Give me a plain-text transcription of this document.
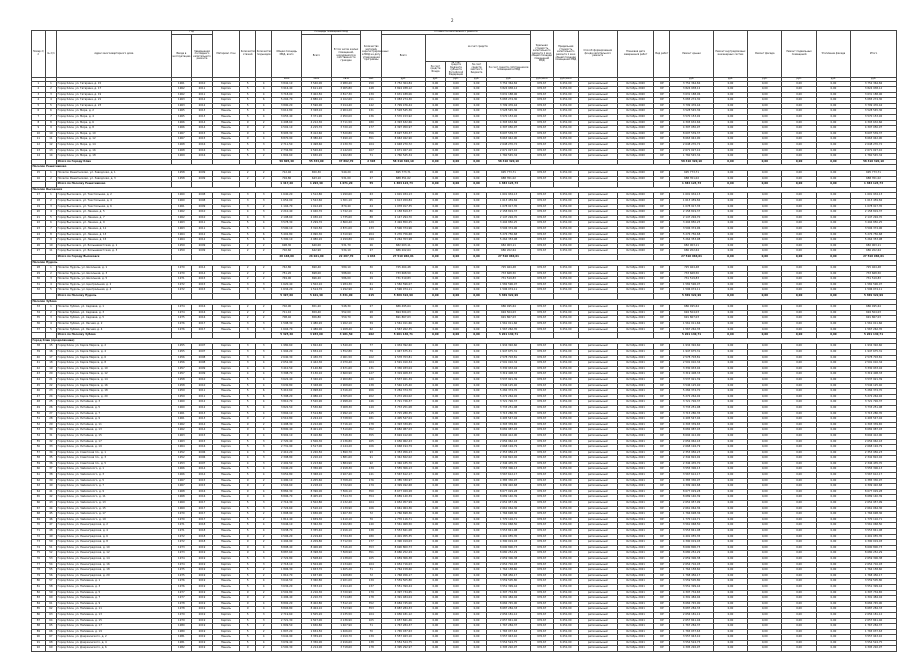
2
Номер п/п	№ п/п	Адрес многоквартирного дома	Год		Материал стен	Количество этажей	Количество подъездов	Общая площадь МКД, всего	Площадь помещений МКД		Количество жителей, зарегистрированных в МКД на дату утверждения программы	Стоимость капитального ремонта					Удельная стоимость капитального ремонта 1 кв.м общей площади помещений МКД	Предельная стоимость капитального ремонта 1 кв.м общей площади помещений МКД	Способ формирования фонда капитального ремонта	Плановая дата завершения работ	Вид работ	Ремонт крыши	Ремонт внутридомовых инженерных систем	Ремонт фасада	Ремонт подвальных помещений	Утепление фасада	Итого
			Ввода в эксплуатацию	Завершения последнего капитального ремонта					Всего	В том числе жилых помещений, находящихся в собственности граждан		Всего	за счет средств														
													За счет средств Фонда	За счет средств бюджета субъекта Российской Федерации	За счет средств местного бюджета	За счет средств собственников помещений в МКД											
								кв.м	кв.м	кв.м	чел.	руб.	руб.	руб.	руб.	руб.	руб./кв.м	руб./кв.м				руб.	руб.	руб.	руб.	руб.	руб.
1	1	Город Клин, ул. Гагарина, д. 15	1961	2010	Кирпич	5	4	3 842,10	3 540,00	2 980,40	150	3 752 364,84	0,00	0,00	0,00	3 752 364,84	976,67	6 451,00	региональный	Октябрь 2020	КР	3 752 364,84	0,00	0,00	0,00	0,00	3 752 364,84
2	2	Город Клин, ул. Гагарина, д. 17	1962	2011	Кирпич	5	4	3 916,40	3 611,20	3 005,80	148	3 824 938,12	0,00	0,00	0,00	3 824 938,12	976,67	6 451,00	региональный	Октябрь 2020	КР	3 824 938,12	0,00	0,00	0,00	0,00	3 824 938,12
3	3	Город Клин, ул. Гагарина, д. 19	1962	2011	Кирпич	5	4	3 718,00	3 402,50	2 817,30	139	3 631 188,06	0,00	0,00	0,00	3 631 188,06	976,67	6 451,00	региональный	Октябрь 2020	КР	3 631 188,06	0,00	0,00	0,00	0,00	3 631 188,06
4	4	Город Клин, ул. Гагарина, д. 21	1963	2012	Кирпич	5	6	5 204,70	4 880,10	4 102,60	211	5 083 274,30	0,00	0,00	0,00	5 083 274,30	976,67	6 451,00	региональный	Октябрь 2020	КР	5 083 274,30	0,00	0,00	0,00	0,00	5 083 274,30
5	5	Город Клин, ул. Гагарина, д. 23	1963	2012	Кирпич	5	4	3 890,20	3 590,00	3 014,40	142	3 799 476,44	0,00	0,00	0,00	3 799 476,44	976,67	6 451,00	региональный	Октябрь 2020	КР	3 799 476,44	0,00	0,00	0,00	0,00	3 799 476,44
6	6	Город Клин, ул. Мира, д. 2	1965	2013	Панель	5	4	3 612,80	3 328,10	2 904,20	131	3 528 545,36	0,00	0,00	0,00	3 528 545,36	976,67	6 451,00	региональный	Октябрь 2020	КР	3 528 545,36	0,00	0,00	0,00	0,00	3 528 545,36
7	7	Город Клин, ул. Мира, д. 4	1965	2013	Панель	5	4	3 655,40	3 371,90	2 950,00	136	3 570 153,92	0,00	0,00	0,00	3 570 153,92	976,67	6 451,00	региональный	Октябрь 2020	КР	3 570 153,92	0,00	0,00	0,00	0,00	3 570 153,92
8	8	Город Клин, ул. Мира, д. 6	1966	2014	Панель	9	2	4 498,60	4 212,30	3 711,50	180	4 393 632,66	0,00	0,00	0,00	4 393 632,66	976,67	6 451,00	региональный	Октябрь 2020	КР	4 393 632,66	0,00	0,00	0,00	0,00	4 393 632,66
9	9	Город Клин, ул. Мира, д. 8	1966	2014	Панель	9	2	4 502,10	4 215,70	3 720,10	177	4 397 050,97	0,00	0,00	0,00	4 397 050,97	976,67	6 451,00	региональный	Октябрь 2020	КР	4 397 050,97	0,00	0,00	0,00	0,00	4 397 050,97
10	10	Город Клин, ул. Мира, д. 10	1967	2015	Панель	9	4	8 905,30	8 412,60	7 520,80	356	8 697 539,37	0,00	0,00	0,00	8 697 539,37	976,67	6 451,00	региональный	Октябрь 2020	КР	8 697 539,37	0,00	0,00	0,00	0,00	8 697 539,37
11	11	Город Клин, ул. Мира, д. 12	1967	2015	Панель	9	4	8 870,90	8 380,40	7 490,10	351	8 663 942,90	0,00	0,00	0,00	8 663 942,90	976,67	6 451,00	региональный	Октябрь 2020	КР	8 663 942,90	0,00	0,00	0,00	0,00	8 663 942,90
12	12	Город Клин, ул. Мира, д. 14	1968	2016	Кирпич	5	3	2 711,50	2 498,60	2 130,70	104	2 648 270,72	0,00	0,00	0,00	2 648 270,72	976,67	6 451,00	региональный	Октябрь 2020	КР	2 648 270,72	0,00	0,00	0,00	0,00	2 648 270,72
13	13	Город Клин, ул. Мира, д. 16	1968	2016	Кирпич	5	3	2 734,80	2 520,40	2 142,00	107	2 671 027,10	0,00	0,00	0,00	2 671 027,10	976,67	6 451,00	региональный	Октябрь 2020	КР	2 671 027,10	0,00	0,00	0,00	0,00	2 671 027,10
14	14	Город Клин, ул. Мира, д. 18	1969	2016	Кирпич	5	2	1 802,60	1 650,20	1 402,80	71	1 760 545,34	0,00	0,00	0,00	1 760 545,34	976,67	6 451,00	региональный	Октябрь 2020	КР	1 760 545,34	0,00	0,00	0,00	0,00	1 760 545,34
		Итого по Городу Клин						59 805,40	55 334,00	47 892,70	2 303	58 410 320,10	0,00	0,00	0,00	58 410 320,10						58 410 320,10	0,00	0,00	0,00	0,00	58 410 320,10
Поселок Решетниково																											
15	1	Поселок Решетниково, ул. Заводская, д. 1	1958	2009	Кирпич	2	2	712,40	650,30	540,20	28	695 773,71	0,00	0,00	0,00	695 773,71	976,67	6 451,00	региональный	Октябрь 2020	КР	695 773,71	0,00	0,00	0,00	0,00	695 773,71
16	2	Поселок Решетниково, ул. Заводская, д. 3	1958	2009	Кирпич	2	2	704,80	643,10	531,00	27	688 351,02	0,00	0,00	0,00	688 351,02	976,67	6 451,00	региональный	Октябрь 2020	КР	688 351,02	0,00	0,00	0,00	0,00	688 351,02
		Итого по Поселку Решетниково						1 417,20	1 293,40	1 071,20	55	1 384 124,73	0,00	0,00	0,00	1 384 124,73						1 384 124,73	0,00	0,00	0,00	0,00	1 384 124,73
Поселок Высоковск																											
17	1	Город Высоковск, ул. Текстильная, д. 2	1960	2008	Кирпич	3	3	1 640,20	1 512,80	1 290,60	63	1 601 934,13	0,00	0,00	0,00	1 601 934,13	976,67	6 451,00	региональный	Октябрь 2020	КР	1 601 934,13	0,00	0,00	0,00	0,00	1 601 934,13
18	2	Город Высоковск, ул. Текстильная, д. 4	1960	2008	Кирпич	3	3	1 652,00	1 522,60	1 301,10	65	1 613 459,84	0,00	0,00	0,00	1 613 459,84	976,67	6 451,00	региональный	Октябрь 2020	КР	1 613 459,84	0,00	0,00	0,00	0,00	1 613 459,84
19	3	Город Высоковск, ул. Текстильная, д. 6	1961	2009	Кирпич	3	2	1 104,70	1 012,20	870,40	44	1 078 917,35	0,00	0,00	0,00	1 078 917,35	976,67	6 451,00	региональный	Октябрь 2020	КР	1 078 917,35	0,00	0,00	0,00	0,00	1 078 917,35
20	4	Город Высоковск, ул. Ленина, д. 5	1962	2010	Кирпич	4	3	2 210,40	2 040,70	1 742,10	86	2 158 819,37	0,00	0,00	0,00	2 158 819,37	976,67	6 451,00	региональный	Октябрь 2020	КР	2 158 819,37	0,00	0,00	0,00	0,00	2 158 819,37
21	5	Город Высоковск, ул. Ленина, д. 7	1962	2010	Кирпич	4	3	2 198,60	2 030,10	1 735,60	88	2 147 294,70	0,00	0,00	0,00	2 147 294,70	976,67	6 451,00	региональный	Октябрь 2020	КР	2 147 294,70	0,00	0,00	0,00	0,00	2 147 294,70
22	6	Город Высоковск, ул. Ленина, д. 9	1963	2011	Панель	5	4	3 578,30	3 299,70	2 860,40	129	3 494 850,25	0,00	0,00	0,00	3 494 850,25	976,67	6 451,00	региональный	Октябрь 2020	КР	3 494 850,25	0,00	0,00	0,00	0,00	3 494 850,25
23	7	Город Высоковск, ул. Ленина, д. 11	1963	2011	Панель	5	4	3 590,10	3 310,50	2 871,00	133	3 506 374,96	0,00	0,00	0,00	3 506 374,96	976,67	6 451,00	региональный	Октябрь 2020	КР	3 506 374,96	0,00	0,00	0,00	0,00	3 506 374,96
24	8	Город Высоковск, ул. Ленина, д. 13	1964	2012	Панель	5	6	5 402,80	4 990,30	4 310,90	204	5 276 756,68	0,00	0,00	0,00	5 276 756,68	976,67	6 451,00	региональный	Октябрь 2020	КР	5 276 756,68	0,00	0,00	0,00	0,00	5 276 756,68
25	9	Город Высоковск, ул. Ленина, д. 15	1964	2012	Панель	5	6	5 390,10	4 980,20	4 299,80	199	5 264 353,98	0,00	0,00	0,00	5 264 353,98	976,67	6 451,00	региональный	Октябрь 2020	КР	5 264 353,98	0,00	0,00	0,00	0,00	5 264 353,98
26	10	Город Высоковск, ул. Большевистская, д. 1	1959	2009	Кирпич	2	2	698,30	640,00	531,70	26	682 003,11	0,00	0,00	0,00	682 003,11	976,67	6 451,00	региональный	Октябрь 2020	КР	682 003,11	0,00	0,00	0,00	0,00	682 003,11
27	11	Город Высоковск, ул. Большевистская, д. 3	1959	2009	Кирпич	2	2	702,60	642,90	534,10	27	686 202,64	0,00	0,00	0,00	686 202,64	976,67	6 451,00	региональный	Октябрь 2020	КР	686 202,64	0,00	0,00	0,00	0,00	686 202,64
		Итого по Городу Высоковск						28 168,00	26 021,00	22 287,70	1 044	27 510 966,01	0,00	0,00	0,00	27 510 966,01						27 510 966,01	0,00	0,00	0,00	0,00	27 510 966,01
Поселок Нудоль																											
28	1	Поселок Нудоль, ул. Школьная, д. 1	1970	2014	Кирпич	2	2	742,80	690,40	580,10	30	725 464,48	0,00	0,00	0,00	725 464,48	976,67	6 451,00	региональный	Октябрь 2021	КР	725 464,48	0,00	0,00	0,00	0,00	725 464,48
29	2	Поселок Нудоль, ул. Школьная, д. 3	1970	2014	Кирпич	2	2	751,20	698,00	588,60	31	733 668,50	0,00	0,00	0,00	733 668,50	976,67	6 451,00	региональный	Октябрь 2021	КР	733 668,50	0,00	0,00	0,00	0,00	733 668,50
30	3	Поселок Нудоль, ул. Школьная, д. 5	1971	2015	Кирпич	2	2	749,00	696,20	586,00	29	731 519,83	0,00	0,00	0,00	731 519,83	976,67	6 451,00	региональный	Октябрь 2021	КР	731 519,83	0,00	0,00	0,00	0,00	731 519,83
31	4	Поселок Нудоль, ул. Центральная, д. 2	1972	2015	Панель	3	3	1 620,40	1 502,10	1 284,30	61	1 582 596,07	0,00	0,00	0,00	1 582 596,07	976,67	6 451,00	региональный	Октябрь 2021	КР	1 582 596,07	0,00	0,00	0,00	0,00	1 582 596,07
32	5	Поселок Нудоль, ул. Центральная, д. 4	1972	2015	Панель	3	3	1 634,20	1 514,70	1 292,90	64	1 596 074,11	0,00	0,00	0,00	1 596 074,11	976,67	6 451,00	региональный	Октябрь 2021	КР	1 596 074,11	0,00	0,00	0,00	0,00	1 596 074,11
		Итого по Поселку Нудоль						5 497,60	5 101,40	4 331,90	215	5 369 322,99	0,00	0,00	0,00	5 369 322,99						5 369 322,99	0,00	0,00	0,00	0,00	5 369 322,99
Поселок Зубово																											
33	1	Поселок Зубово, ул. Садовая, д. 1	1974	2016	Кирпич	2	2	702,90	651,20	548,30	27	686 495,64	0,00	0,00	0,00	686 495,64	976,67	6 451,00	региональный	Октябрь 2021	КР	686 495,64	0,00	0,00	0,00	0,00	686 495,64
34	2	Поселок Зубово, ул. Садовая, д. 3	1974	2016	Кирпич	2	2	711,10	659,40	552,00	28	694 504,03	0,00	0,00	0,00	694 504,03	976,67	6 451,00	региональный	Октябрь 2021	КР	694 504,03	0,00	0,00	0,00	0,00	694 504,03
35	3	Поселок Зубово, ул. Садовая, д. 5	1975	2016	Кирпич	2	2	708,40	656,80	550,70	26	691 867,03	0,00	0,00	0,00	691 867,03	976,67	6 451,00	региональный	Октябрь 2021	КР	691 867,03	0,00	0,00	0,00	0,00	691 867,03
36	4	Поселок Зубово, ул. Лесная, д. 2	1976	2017	Панель	3	3	1 598,30	1 480,20	1 262,10	59	1 561 011,66	0,00	0,00	0,00	1 561 011,66	976,67	6 451,00	региональный	Октябрь 2021	КР	1 561 011,66	0,00	0,00	0,00	0,00	1 561 011,66
37	5	Поселок Зубово, ул. Лесная, д. 4	1976	2017	Панель	3	3	1 604,70	1 486,00	1 268,40	62	1 567 262,35	0,00	0,00	0,00	1 567 262,35	976,67	6 451,00	региональный	Октябрь 2021	КР	1 567 262,35	0,00	0,00	0,00	0,00	1 567 262,35
		Итого по Поселку Зубово						5 325,40	4 933,60	4 181,50	202	5 201 140,71	0,00	0,00	0,00	5 201 140,71						5 201 140,71	0,00	0,00	0,00	0,00	5 201 140,71
Город Клин (продолжение)																											
38	15	Город Клин, ул. Карла Маркса, д. 2	1955	2007	Кирпич	3	3	1 980,60	1 822,40	1 540,20	77	1 934 392,60	0,00	0,00	0,00	1 934 392,60	976,67	6 451,00	региональный	Октябрь 2021	КР	1 934 392,60	0,00	0,00	0,00	0,00	1 934 392,60
39	16	Город Клин, ул. Карла Маркса, д. 4	1955	2007	Кирпич	3	3	1 994,20	1 834,10	1 552,80	79	1 947 675,31	0,00	0,00	0,00	1 947 675,31	976,67	6 451,00	региональный	Октябрь 2021	КР	1 947 675,31	0,00	0,00	0,00	0,00	1 947 675,31
40	17	Город Клин, ул. Карла Маркса, д. 6	1956	2008	Кирпич	3	4	2 640,30	2 430,70	2 061,50	102	2 578 703,81	0,00	0,00	0,00	2 578 703,81	976,67	6 451,00	региональный	Октябрь 2021	КР	2 578 703,81	0,00	0,00	0,00	0,00	2 578 703,81
41	18	Город Клин, ул. Карла Маркса, д. 8	1956	2008	Кирпич	3	4	2 652,90	2 442,30	2 070,40	104	2 591 010,34	0,00	0,00	0,00	2 591 010,34	976,67	6 451,00	региональный	Октябрь 2021	КР	2 591 010,34	0,00	0,00	0,00	0,00	2 591 010,34
42	19	Город Клин, ул. Карла Маркса, д. 10	1957	2009	Кирпич	4	4	3 410,50	3 140,80	2 671,60	131	3 330 933,04	0,00	0,00	0,00	3 330 933,04	976,67	6 451,00	региональный	Октябрь 2021	КР	3 330 933,04	0,00	0,00	0,00	0,00	3 330 933,04
43	20	Город Клин, ул. Карла Маркса, д. 12	1957	2009	Кирпич	4	4	3 398,70	3 130,10	2 660,90	127	3 319 408,33	0,00	0,00	0,00	3 319 408,33	976,67	6 451,00	региональный	Октябрь 2021	КР	3 319 408,33	0,00	0,00	0,00	0,00	3 319 408,33
44	21	Город Клин, ул. Карла Маркса, д. 14	1958	2010	Панель	5	4	3 622,40	3 340,20	2 900,80	140	3 537 921,39	0,00	0,00	0,00	3 537 921,39	976,67	6 451,00	региональный	Октябрь 2021	КР	3 537 921,39	0,00	0,00	0,00	0,00	3 537 921,39
45	22	Город Клин, ул. Карла Маркса, д. 16	1958	2010	Панель	5	4	3 630,80	3 348,00	2 908,60	138	3 546 125,40	0,00	0,00	0,00	3 546 125,40	976,67	6 451,00	региональный	Октябрь 2021	КР	3 546 125,40	0,00	0,00	0,00	0,00	3 546 125,40
46	23	Город Клин, ул. Карла Маркса, д. 18	1959	2011	Панель	5	6	5 410,60	4 998,40	4 316,20	206	5 284 374,70	0,00	0,00	0,00	5 284 374,70	976,67	6 451,00	региональный	Октябрь 2021	КР	5 284 374,70	0,00	0,00	0,00	0,00	5 284 374,70
47	24	Город Клин, ул. Карла Маркса, д. 20	1959	2011	Панель	5	6	5 398,20	4 986,10	4 305,00	202	5 272 264,02	0,00	0,00	0,00	5 272 264,02	976,67	6 451,00	региональный	Октябрь 2021	КР	5 272 264,02	0,00	0,00	0,00	0,00	5 272 264,02
48	25	Город Клин, ул. Литейная, д. 3	1960	2012	Кирпич	5	4	3 810,70	3 520,90	2 998,20	146	3 721 726,37	0,00	0,00	0,00	3 721 726,37	976,67	6 451,00	региональный	Октябрь 2021	КР	3 721 726,37	0,00	0,00	0,00	0,00	3 721 726,37
49	26	Город Клин, ул. Литейная, д. 5	1960	2012	Кирпич	5	4	3 822,50	3 530,60	3 008,30	149	3 733 251,08	0,00	0,00	0,00	3 733 251,08	976,67	6 451,00	региональный	Октябрь 2021	КР	3 733 251,08	0,00	0,00	0,00	0,00	3 733 251,08
50	27	Город Клин, ул. Литейная, д. 7	1961	2013	Кирпич	5	4	3 804,10	3 514,80	2 992,10	145	3 715 280,35	0,00	0,00	0,00	3 715 280,35	976,67	6 451,00	региональный	Октябрь 2021	КР	3 715 280,35	0,00	0,00	0,00	0,00	3 715 280,35
51	28	Город Клин, ул. Литейная, д. 9	1961	2013	Панель	9	2	4 510,80	4 224,10	3 728,50	181	4 405 547,04	0,00	0,00	0,00	4 405 547,04	976,67	6 451,00	региональный	Октябрь 2021	КР	4 405 547,04	0,00	0,00	0,00	0,00	4 405 547,04
52	29	Город Клин, ул. Литейная, д. 11	1962	2014	Панель	9	2	4 498,30	4 212,00	3 716,10	178	4 393 339,65	0,00	0,00	0,00	4 393 339,65	976,67	6 451,00	региональный	Октябрь 2021	КР	4 393 339,65	0,00	0,00	0,00	0,00	4 393 339,65
53	30	Город Клин, ул. Литейная, д. 13	1962	2014	Панель	9	4	8 890,40	8 401,20	7 510,60	352	8 682 987,03	0,00	0,00	0,00	8 682 987,03	976,67	6 451,00	региональный	Октябрь 2021	КР	8 682 987,03	0,00	0,00	0,00	0,00	8 682 987,03
54	31	Город Клин, ул. Литейная, д. 15	1963	2015	Панель	9	4	8 902,10	8 410,80	7 518,30	355	8 694 412,00	0,00	0,00	0,00	8 694 412,00	976,67	6 451,00	региональный	Октябрь 2021	КР	8 694 412,00	0,00	0,00	0,00	0,00	8 694 412,00
55	32	Город Клин, ул. Литейная, д. 17	1963	2015	Кирпич	5	3	2 720,40	2 506,30	2 136,80	105	2 656 962,43	0,00	0,00	0,00	2 656 962,43	976,67	6 451,00	региональный	Октябрь 2021	КР	2 656 962,43	0,00	0,00	0,00	0,00	2 656 962,43
56	33	Город Клин, ул. Литейная, д. 19	1964	2016	Кирпич	5	3	2 731,90	2 517,00	2 144,20	106	2 668 194,79	0,00	0,00	0,00	2 668 194,79	976,67	6 451,00	региональный	Октябрь 2021	КР	2 668 194,79	0,00	0,00	0,00	0,00	2 668 194,79
57	34	Город Клин, ул. Советская пл., д. 1	1952	2006	Кирпич	4	3	2 410,20	2 220,50	1 890,70	93	2 353 956,23	0,00	0,00	0,00	2 353 956,23	976,67	6 451,00	региональный	Октябрь 2021	КР	2 353 956,23	0,00	0,00	0,00	0,00	2 353 956,23
58	35	Город Клин, ул. Советская пл., д. 3	1952	2006	Кирпич	4	3	2 398,80	2 210,10	1 881,60	91	2 342 822,02	0,00	0,00	0,00	2 342 822,02	976,67	6 451,00	региональный	Октябрь 2021	КР	2 342 822,02	0,00	0,00	0,00	0,00	2 342 822,02
59	36	Город Клин, ул. Советская пл., д. 5	1953	2007	Кирпич	4	3	2 402,50	2 213,60	1 884,90	92	2 346 435,70	0,00	0,00	0,00	2 346 435,70	976,67	6 451,00	региональный	Октябрь 2021	КР	2 346 435,70	0,00	0,00	0,00	0,00	2 346 435,70
60	37	Город Клин, ул. Чайковского, д. 1	1966	2014	Панель	5	4	3 640,20	3 356,90	2 918,30	139	3 555 306,13	0,00	0,00	0,00	3 555 306,13	976,67	6 451,00	региональный	Октябрь 2021	КР	3 555 306,13	0,00	0,00	0,00	0,00	3 555 306,13
61	38	Город Клин, ул. Чайковского, д. 3	1966	2014	Панель	5	4	3 652,80	3 368,10	2 927,40	141	3 567 612,17	0,00	0,00	0,00	3 567 612,17	976,67	6 451,00	региональный	Октябрь 2021	КР	3 567 612,17	0,00	0,00	0,00	0,00	3 567 612,17
62	39	Город Клин, ул. Чайковского, д. 5	1967	2015	Панель	9	2	4 490,10	4 205,60	3 708,20	176	4 385 330,97	0,00	0,00	0,00	4 385 330,97	976,67	6 451,00	региональный	Октябрь 2021	КР	4 385 330,97	0,00	0,00	0,00	0,00	4 385 330,97
63	40	Город Клин, ул. Чайковского, д. 7	1967	2015	Панель	9	2	4 504,60	4 218,10	3 722,60	179	4 399 492,68	0,00	0,00	0,00	4 399 492,68	976,67	6 451,00	региональный	Октябрь 2021	КР	4 399 492,68	0,00	0,00	0,00	0,00	4 399 492,68
64	41	Город Клин, ул. Чайковского, д. 9	1968	2016	Панель	9	4	8 884,30	8 396,00	7 506,10	350	8 677 029,28	0,00	0,00	0,00	8 677 029,28	976,67	6 451,00	региональный	Октябрь 2021	КР	8 677 029,28	0,00	0,00	0,00	0,00	8 677 029,28
65	42	Город Клин, ул. Чайковского, д. 11	1968	2016	Панель	9	4	8 896,70	8 405,20	7 514,70	354	8 689 140,39	0,00	0,00	0,00	8 689 140,39	976,67	6 451,00	региональный	Октябрь 2021	КР	8 689 140,39	0,00	0,00	0,00	0,00	8 689 140,39
66	43	Город Клин, ул. Чайковского, д. 13	1969	2017	Кирпич	5	3	2 716,30	2 502,80	2 132,40	104	2 652 957,99	0,00	0,00	0,00	2 652 957,99	976,67	6 451,00	региональный	Октябрь 2021	КР	2 652 957,99	0,00	0,00	0,00	0,00	2 652 957,99
67	44	Город Клин, ул. Чайковского, д. 15	1969	2017	Кирпич	5	3	2 724,60	2 510,10	2 139,90	106	2 661 064,36	0,00	0,00	0,00	2 661 064,36	976,67	6 451,00	региональный	Октябрь 2021	КР	2 661 064,36	0,00	0,00	0,00	0,00	2 661 064,36
68	45	Город Клин, ул. Чайковского, д. 17	1970	2017	Кирпич	5	2	1 808,90	1 656,00	1 407,30	72	1 766 698,36	0,00	0,00	0,00	1 766 698,36	976,67	6 451,00	региональный	Октябрь 2021	КР	1 766 698,36	0,00	0,00	0,00	0,00	1 766 698,36
69	46	Город Клин, ул. Чайковского, д. 19	1970	2017	Кирпич	5	2	1 812,40	1 659,30	1 410,10	70	1 770 116,71	0,00	0,00	0,00	1 770 116,71	976,67	6 451,00	региональный	Октябрь 2021	КР	1 770 116,71	0,00	0,00	0,00	0,00	1 770 116,71
70	47	Город Клин, ул. Ленинградская, д. 2	1971	2018	Панель	5	4	3 646,10	3 362,30	2 922,80	140	3 561 068,50	0,00	0,00	0,00	3 561 068,50	976,67	6 451,00	региональный	Октябрь 2021	КР	3 561 068,50	0,00	0,00	0,00	0,00	3 561 068,50
71	48	Город Клин, ул. Ленинградская, д. 4	1971	2018	Панель	5	4	3 638,70	3 355,40	2 916,10	138	3 553 841,08	0,00	0,00	0,00	3 553 841,08	976,67	6 451,00	региональный	Октябрь 2021	КР	3 553 841,08	0,00	0,00	0,00	0,00	3 553 841,08
72	49	Город Клин, ул. Ленинградская, д. 6	1972	2018	Панель	9	2	4 506,20	4 219,40	3 724,30	180	4 401 055,35	0,00	0,00	0,00	4 401 055,35	976,67	6 451,00	региональный	Октябрь 2021	КР	4 401 055,35	0,00	0,00	0,00	0,00	4 401 055,35
73	50	Город Клин, ул. Ленинградская, д. 8	1972	2018	Панель	9	2	4 494,90	4 209,80	3 712,50	177	4 390 019,03	0,00	0,00	0,00	4 390 019,03	976,67	6 451,00	региональный	Октябрь 2021	КР	4 390 019,03	0,00	0,00	0,00	0,00	4 390 019,03
74	51	Город Клин, ул. Ленинградская, д. 10	1973	2019	Панель	9	4	8 898,40	8 406,90	7 516,20	353	8 690 800,73	0,00	0,00	0,00	8 690 800,73	976,67	6 451,00	региональный	Октябрь 2021	КР	8 690 800,73	0,00	0,00	0,00	0,00	8 690 800,73
75	52	Город Клин, ул. Ленинградская, д. 12	1973	2019	Панель	9	4	8 887,60	8 398,30	7 508,90	351	8 680 252,29	0,00	0,00	0,00	8 680 252,29	976,67	6 451,00	региональный	Октябрь 2021	КР	8 680 252,29	0,00	0,00	0,00	0,00	8 680 252,29
76	53	Город Клин, ул. Ленинградская, д. 14	1974	2019	Кирпич	5	3	2 722,80	2 508,40	2 138,00	105	2 659 306,38	0,00	0,00	0,00	2 659 306,38	976,67	6 451,00	региональный	Октябрь 2021	КР	2 659 306,38	0,00	0,00	0,00	0,00	2 659 306,38
77	54	Город Клин, ул. Ленинградская, д. 16	1974	2019	Кирпич	5	3	2 718,10	2 504,00	2 134,60	104	2 654 716,03	0,00	0,00	0,00	2 654 716,03	976,67	6 451,00	региональный	Октябрь 2021	КР	2 654 716,03	0,00	0,00	0,00	0,00	2 654 716,03
78	55	Город Клин, ул. Ленинградская, д. 18	1975	2019	Кирпич	5	2	1 806,30	1 653,70	1 405,20	71	1 764 158,60	0,00	0,00	0,00	1 764 158,60	976,67	6 451,00	региональный	Октябрь 2021	КР	1 764 158,60	0,00	0,00	0,00	0,00	1 764 158,60
79	56	Город Клин, ул. Ленинградская, д. 20	1975	2019	Кирпич	5	2	1 810,70	1 657,90	1 408,80	72	1 768 456,17	0,00	0,00	0,00	1 768 456,17	976,67	6 451,00	региональный	Октябрь 2021	КР	1 768 456,17	0,00	0,00	0,00	0,00	1 768 456,17
80	57	Город Клин, ул. Папивина, д. 1	1976	2019	Панель	5	4	3 644,50	3 360,80	2 921,00	139	3 559 505,80	0,00	0,00	0,00	3 559 505,80	976,67	6 451,00	региональный	Октябрь 2021	КР	3 559 505,80	0,00	0,00	0,00	0,00	3 559 505,80
81	58	Город Клин, ул. Папивина, д. 3	1976	2019	Панель	5	4	3 636,20	3 353,10	2 914,40	137	3 551 399,44	0,00	0,00	0,00	3 551 399,44	976,67	6 451,00	региональный	Октябрь 2021	КР	3 551 399,44	0,00	0,00	0,00	0,00	3 551 399,44
82	59	Город Клин, ул. Папивина, д. 5	1977	2019	Панель	9	2	4 502,80	4 216,30	3 720,90	179	4 397 734,65	0,00	0,00	0,00	4 397 734,65	976,67	6 451,00	региональный	Октябрь 2021	КР	4 397 734,65	0,00	0,00	0,00	0,00	4 397 734,65
83	60	Город Клин, ул. Папивина, д. 7	1977	2019	Панель	9	2	4 496,40	4 210,70	3 714,80	178	4 391 484,04	0,00	0,00	0,00	4 391 484,04	976,67	6 451,00	региональный	Октябрь 2021	КР	4 391 484,04	0,00	0,00	0,00	0,00	4 391 484,04
84	61	Город Клин, ул. Папивина, д. 9	1978	2019	Панель	9	4	8 892,20	8 402,80	7 512,10	352	8 684 745,00	0,00	0,00	0,00	8 684 745,00	976,67	6 451,00	региональный	Октябрь 2021	КР	8 684 745,00	0,00	0,00	0,00	0,00	8 684 745,00
85	62	Город Клин, ул. Папивина, д. 11	1978	2019	Панель	9	4	8 894,80	8 404,10	7 513,90	353	8 687 284,33	0,00	0,00	0,00	8 687 284,33	976,67	6 451,00	региональный	Октябрь 2021	КР	8 687 284,33	0,00	0,00	0,00	0,00	8 687 284,33
86	63	Город Клин, ул. Папивина, д. 13	1979	2019	Кирпич	5	3	2 719,60	2 505,20	2 135,50	104	2 656 181,12	0,00	0,00	0,00	2 656 181,12	976,67	6 451,00	региональный	Октябрь 2021	КР	2 656 181,12	0,00	0,00	0,00	0,00	2 656 181,12
87	64	Город Клин, ул. Папивина, д. 15	1979	2019	Кирпич	5	3	2 721,30	2 507,00	2 136,90	105	2 657 841,46	0,00	0,00	0,00	2 657 841,46	976,67	6 451,00	региональный	Октябрь 2021	КР	2 657 841,46	0,00	0,00	0,00	0,00	2 657 841,46
88	65	Город Клин, ул. Папивина, д. 17	1980	2019	Кирпич	5	2	1 809,50	1 656,80	1 407,90	71	1 767 284,37	0,00	0,00	0,00	1 767 284,37	976,67	6 451,00	региональный	Октябрь 2021	КР	1 767 284,37	0,00	0,00	0,00	0,00	1 767 284,37
89	66	Город Клин, ул. Папивина, д. 19	1980	2019	Кирпич	5	2	1 807,20	1 654,50	1 406,00	70	1 765 037,63	0,00	0,00	0,00	1 765 037,63	976,67	6 451,00	региональный	Октябрь 2021	КР	1 765 037,63	0,00	0,00	0,00	0,00	1 765 037,63
90	67	Город Клин, ул. Дзержинского, д. 2	1981	2019	Панель	5	4	3 642,90	3 359,20	2 919,70	139	3 557 943,10	0,00	0,00	0,00	3 557 943,10	976,67	6 451,00	региональный	Октябрь 2021	КР	3 557 943,10	0,00	0,00	0,00	0,00	3 557 943,10
91	68	Город Клин, ул. Дзержинского, д. 4	1981	2019	Панель	5	4	3 639,40	3 356,00	2 916,60	138	3 554 524,75	0,00	0,00	0,00	3 554 524,75	976,67	6 451,00	региональный	Октябрь 2021	КР	3 554 524,75	0,00	0,00	0,00	0,00	3 554 524,75
92	69	Город Клин, ул. Дзержинского, д. 6	1982	2019	Панель	9	2	4 500,30	4 214,00	3 718,60	178	4 395 292,97	0,00	0,00	0,00	4 395 292,97	976,67	6 451,00	региональный	Октябрь 2021	КР	4 395 292,97	0,00	0,00	0,00	0,00	4 395 292,97
